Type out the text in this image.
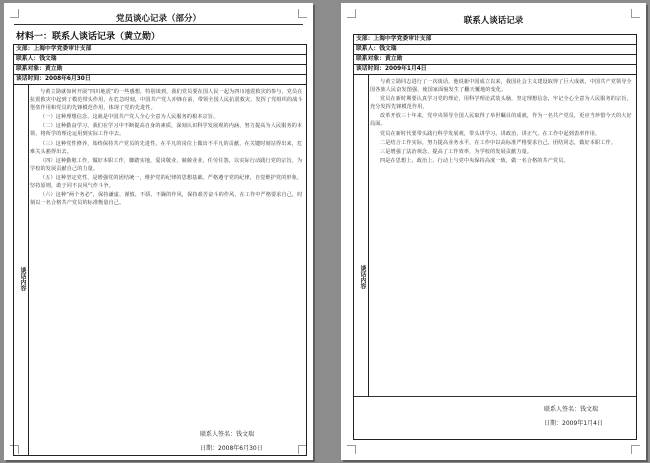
党员谈心记录（部分）
材料一：联系人谈话记录（黄立勋）
支部：上海中学党委审计支部
联系人：钱文瑞
联系对象：黄立勋
谈话时间：2008年6月30日
谈话内容

与黄立勋就如何开展“四川地震”的一些感想，特别谈到，我们党员要在国人民一起为四川地震救灾的参与，党员在抗震救灾中起到了模范带头作用，在危急时刻，中国共产党人冲锋在前，带领全国人民抗震救灾，发挥了党组织的战斗堡垒作用和党员的先锋模范作用，体现了党的先进性。

（一）这种理想信念，这就是中国共产党人全心全意为人民服务的根本宗旨。

（二）这种勤奋学习，我们在学习中不断提高自身的素质，深刻认识科学发展观的内涵，努力提高为人民服务的本领，将所学的理论运用到实际工作中去。

（三）这种党性修养，始终保持共产党员的先进性，在平凡的岗位上做出不平凡的贡献，在关键时刻站得出来，危难关头豁得出去。

（四）这种勤勉工作，做好本职工作，脚踏实地，爱岗敬业，兢兢业业，任劳任怨，以实际行动践行党的宗旨，为学校的发展贡献自己的力量。

（五）这种坚定党性，是增强党的团结统一，维护党的纪律的思想基础。严格遵守党的纪律，自觉维护党的形象，坚持原则，敢于同不良风气作斗争。

（六）这种“两个务必”，保持谦虚、谨慎、不骄、不躁的作风，保持艰苦奋斗的作风，在工作中严格要求自己，时刻以一名合格共产党员的标准衡量自己。

联系人签名：钱文瑞
日期：2008年6月30日
联系人谈话记录
支部：上海中学党委审计支部
联系人：钱文瑞
联系对象：黄立勋
谈话时间：2009年1月4日
谈话内容

与黄立勋同志进行了一次谈话，他说新中国成立以来，我国社会主义建设取得了巨大成就，中国共产党领导全国各族人民奋发图强，使国家面貌发生了翻天覆地的变化。

党员在新时期要认真学习党的理论，用科学理论武装头脑，坚定理想信念，牢记全心全意为人民服务的宗旨，充分发挥先锋模范作用。

改革开放三十年来，党中央领导全国人民取得了举世瞩目的成就，作为一名共产党员，更应当珍惜今天的大好局面。

党员在新时代要带头践行科学发展观，带头讲学习、讲政治、讲正气，在工作中起到表率作用。

二是结合工作实际，努力提高业务水平，在工作中以高标准严格要求自己，团结同志，做好本职工作。

三是增强了法治观念，提高了工作效率，为学校的发展贡献力量。

四是在思想上、政治上、行动上与党中央保持高度一致，做一名合格的共产党员。

联系人签名：钱文瑞
日期：2009年1月4日
